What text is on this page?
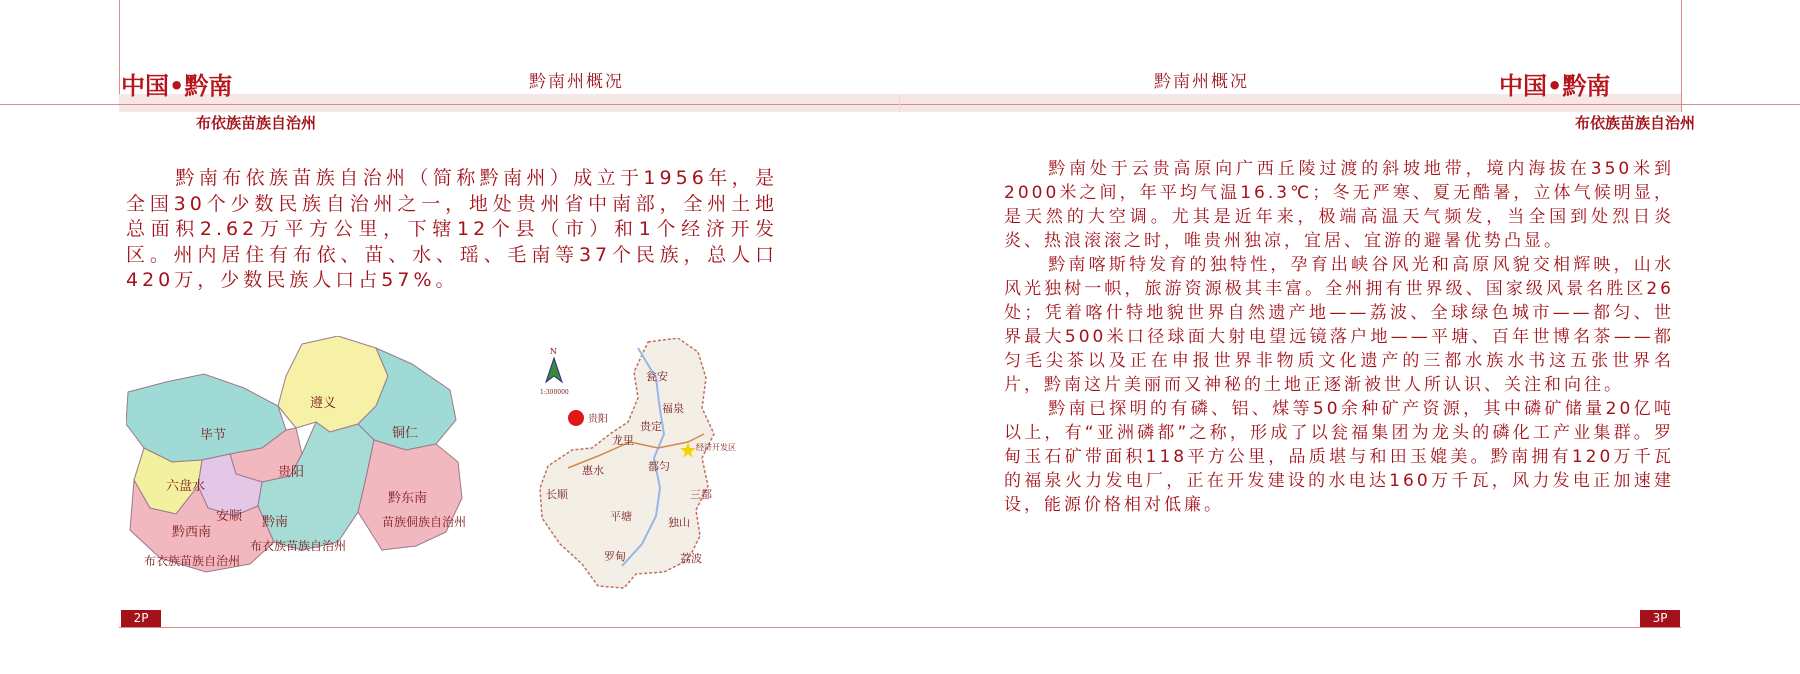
中国•黔南
布依族苗族自治州
黔南州概况

黔南布依族苗族自治州（简称黔南州）成立于1956年，是全国30个少数民族自治州之一，地处贵州省中南部，全州土地总面积2.62万平方公里，下辖12个县（市）和1个经济开发区。州内居住有布依、苗、水、瑶、毛南等37个民族，总人口420万，少数民族人口占57%。

遵义
毕节	铜仁
六盘水
贵阳
安顺 黔南
布衣族苗族自治州
黔西南
布衣族苗族自治州
黔东南
苗族侗族自治州
N
1:300000
贵阳
经济开发区
瓮安
福泉
贵定
龙里
惠水	都匀
长顺
平塘
三都
独山
罗甸	荔波
2P
黔南州概况	中国•黔南
布依族苗族自治州

黔南处于云贵高原向广西丘陵过渡的斜坡地带，境内海拔在350米到2000米之间，年平均气温16.3℃；冬无严寒、夏无酷暑，立体气候明显，是天然的大空调。尤其是近年来，极端高温天气频发，当全国到处烈日炎炎、热浪滚滚之时，唯贵州独凉，宜居、宜游的避暑优势凸显。

黔南喀斯特发育的独特性，孕育出峡谷风光和高原风貌交相辉映，山水风光独树一帜，旅游资源极其丰富。全州拥有世界级、国家级风景名胜区26处；凭着喀什特地貌世界自然遗产地——荔波、全球绿色城市——都匀、世界最大500米口径球面大射电望远镜落户地——平塘、百年世博名茶——都匀毛尖茶以及正在申报世界非物质文化遗产的三都水族水书这五张世界名片，黔南这片美丽而又神秘的土地正逐渐被世人所认识、关注和向往。

黔南已探明的有磷、铝、煤等50余种矿产资源，其中磷矿储量20亿吨以上，有“亚洲磷都”之称，形成了以瓮福集团为龙头的磷化工产业集群。罗甸玉石矿带面积118平方公里，品质堪与和田玉媲美。黔南拥有120万千瓦的福泉火力发电厂，正在开发建设的水电达160万千瓦，风力发电正加速建设，能源价格相对低廉。

3P
